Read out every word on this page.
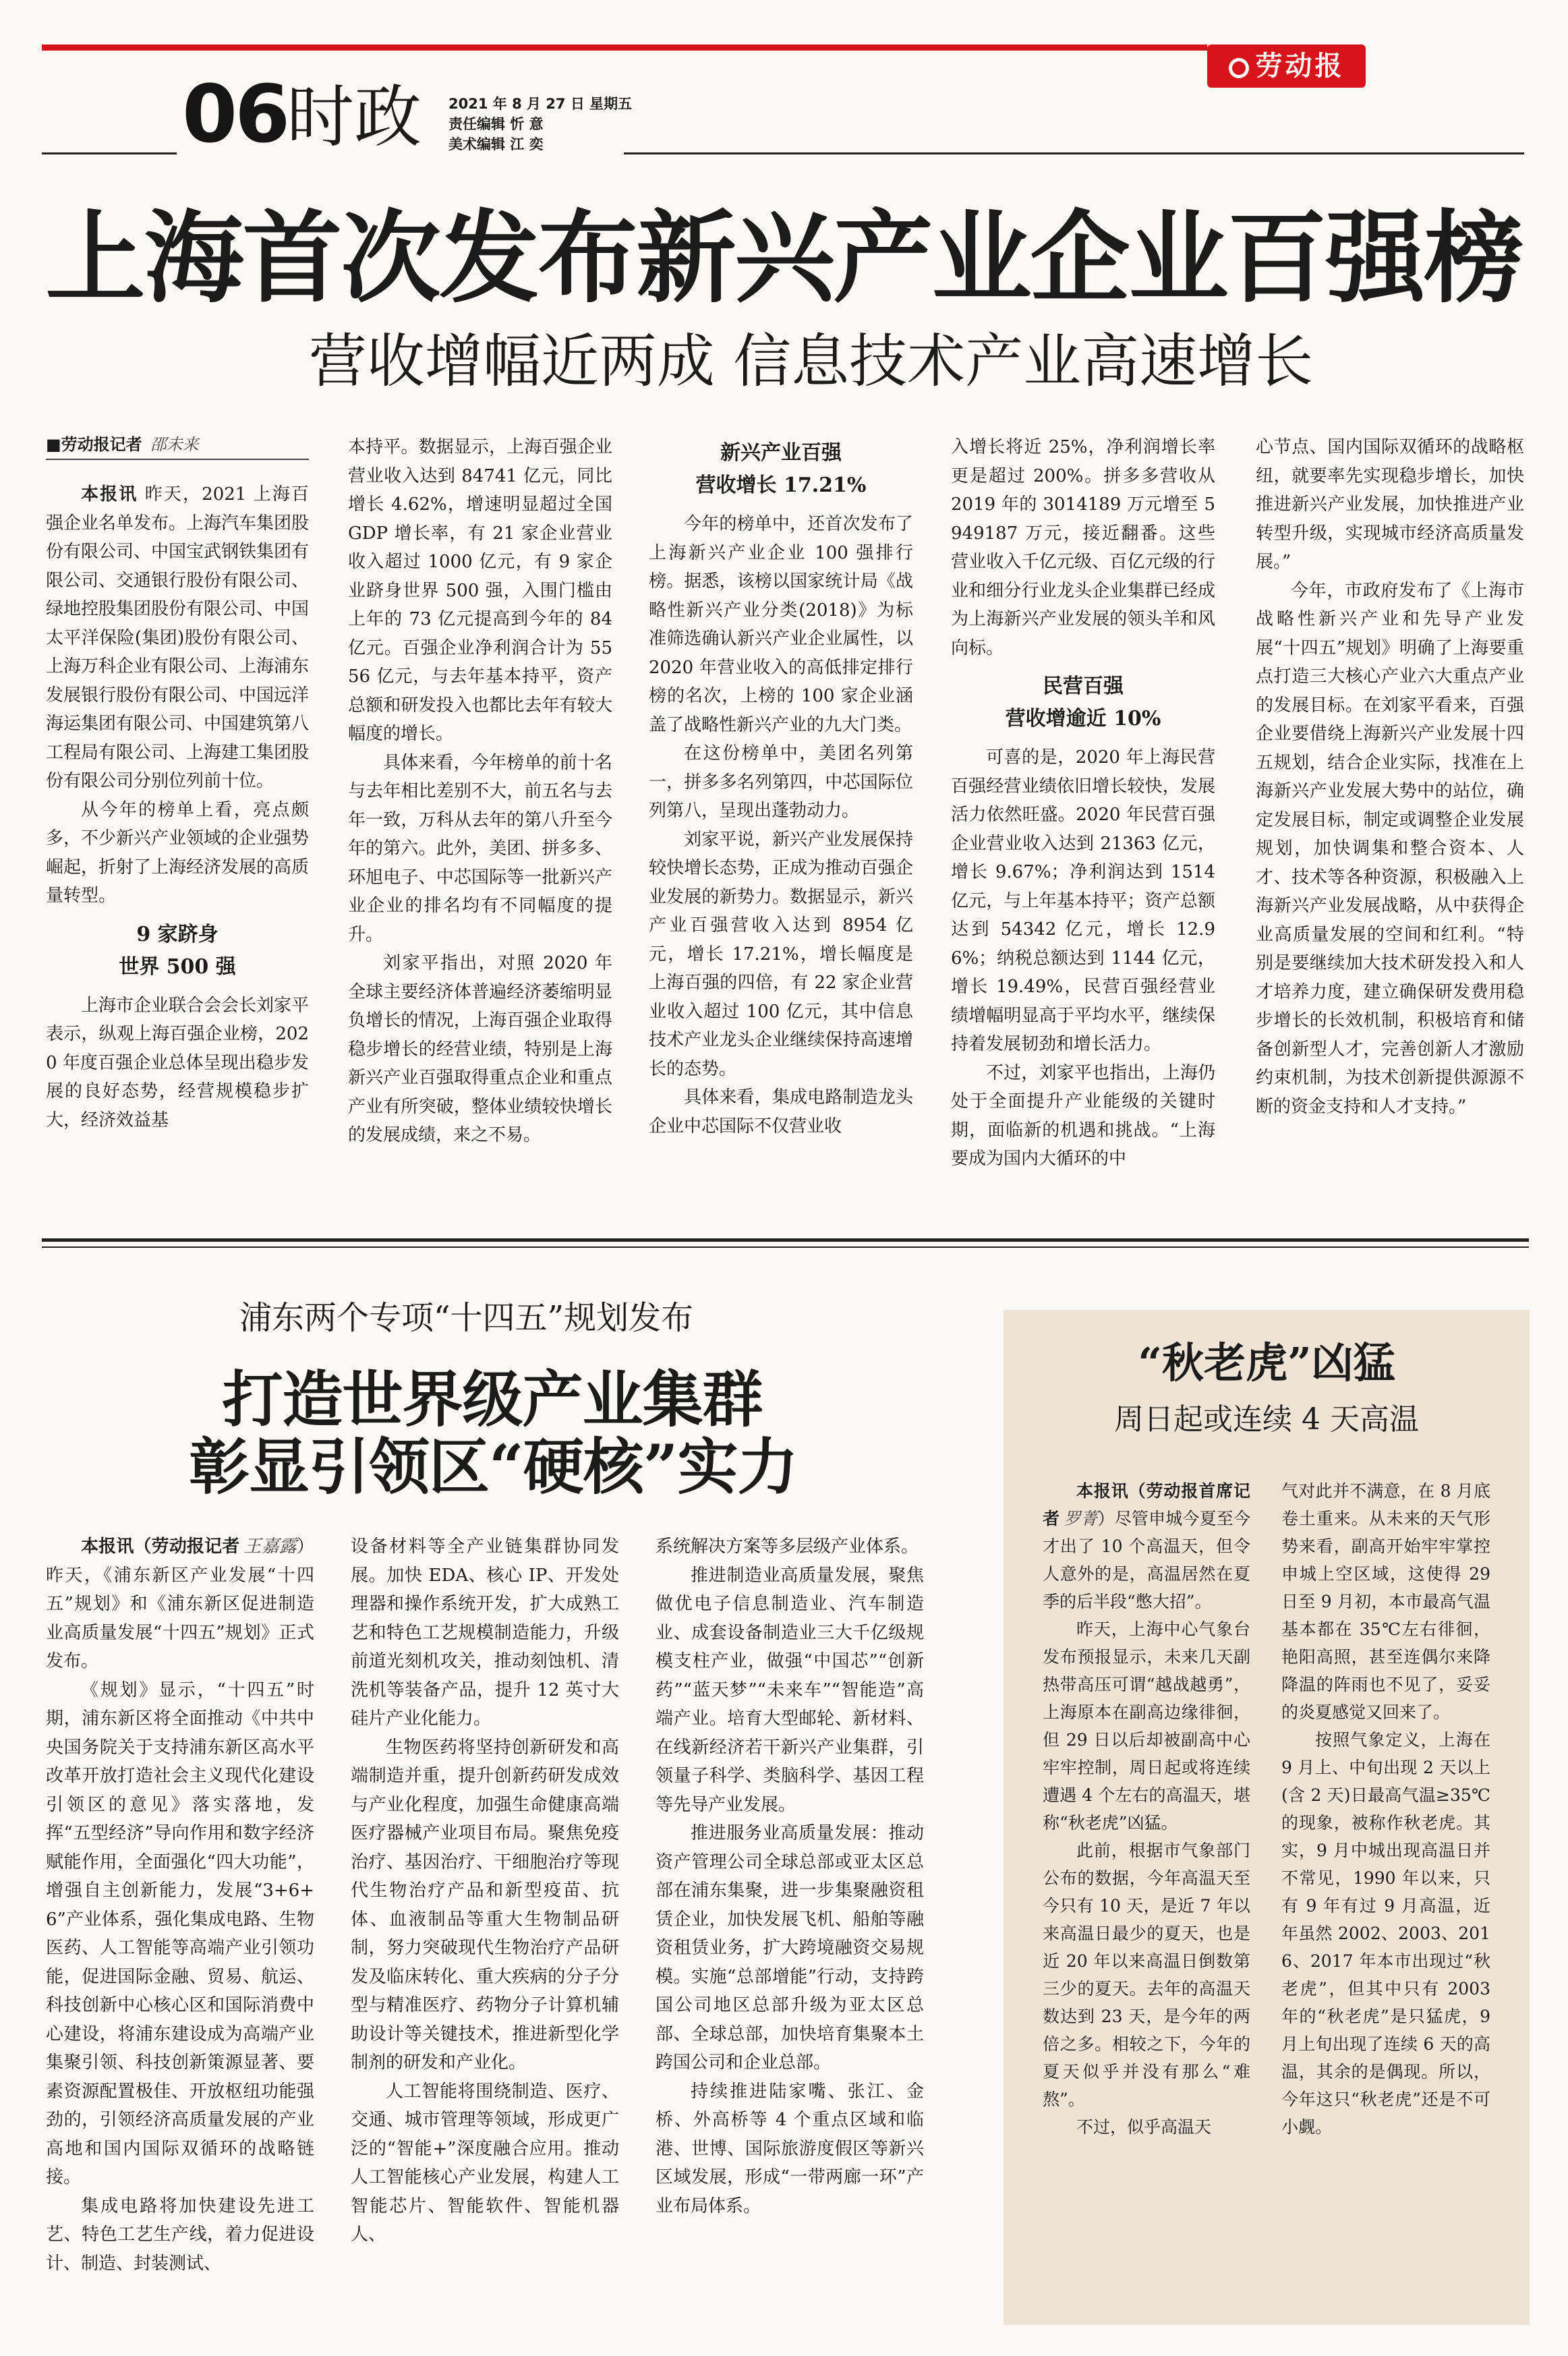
劳动报
06
时政 2021 年 8 月 27 日 星期五
责任编辑 忻 意
美术编辑 江 奕
上海首次发布新兴产业企业百强榜
营收增幅近两成 信息技术产业高速增长
■劳动报记者 邵未来

本报讯 昨天，2021 上海百强企业名单发布。上海汽车集团股份有限公司、中国宝武钢铁集团有限公司、交通银行股份有限公司、绿地控股集团股份有限公司、中国太平洋保险(集团)股份有限公司、上海万科企业有限公司、上海浦东发展银行股份有限公司、中国远洋海运集团有限公司、中国建筑第八工程局有限公司、上海建工集团股份有限公司分别位列前十位。

从今年的榜单上看，亮点颇多，不少新兴产业领域的企业强势崛起，折射了上海经济发展的高质量转型。

9 家跻身
世界 500 强

上海市企业联合会会长刘家平表示，纵观上海百强企业榜，2020 年度百强企业总体呈现出稳步发展的良好态势，经营规模稳步扩大，经济效益基

本持平。数据显示，上海百强企业营业收入达到 84741 亿元，同比增长 4.62%，增速明显超过全国 GDP 增长率，有 21 家企业营业收入超过 1000 亿元，有 9 家企业跻身世界 500 强，入围门槛由上年的 73 亿元提高到今年的 84 亿元。百强企业净利润合计为 5556 亿元，与去年基本持平，资产总额和研发投入也都比去年有较大幅度的增长。

具体来看，今年榜单的前十名与去年相比差别不大，前五名与去年一致，万科从去年的第八升至今年的第六。此外，美团、拼多多、环旭电子、中芯国际等一批新兴产业企业的排名均有不同幅度的提升。

刘家平指出，对照 2020 年全球主要经济体普遍经济萎缩明显负增长的情况，上海百强企业取得稳步增长的经营业绩，特别是上海新兴产业百强取得重点企业和重点产业有所突破，整体业绩较快增长的发展成绩，来之不易。

新兴产业百强
营收增长 17.21%

今年的榜单中，还首次发布了上海新兴产业企业 100 强排行榜。据悉，该榜以国家统计局《战略性新兴产业分类(2018)》为标准筛选确认新兴产业企业属性，以 2020 年营业收入的高低排定排行榜的名次，上榜的 100 家企业涵盖了战略性新兴产业的九大门类。

在这份榜单中，美团名列第一，拼多多名列第四，中芯国际位列第八，呈现出蓬勃动力。

刘家平说，新兴产业发展保持较快增长态势，正成为推动百强企业发展的新势力。数据显示，新兴产业百强营收入达到 8954 亿元，增长 17.21%，增长幅度是上海百强的四倍，有 22 家企业营业收入超过 100 亿元，其中信息技术产业龙头企业继续保持高速增长的态势。

具体来看，集成电路制造龙头企业中芯国际不仅营业收

入增长将近 25%，净利润增长率更是超过 200%。拼多多营收从 2019 年的 3014189 万元增至 5949187 万元，接近翻番。这些营业收入千亿元级、百亿元级的行业和细分行业龙头企业集群已经成为上海新兴产业发展的领头羊和风向标。

民营百强
营收增逾近 10%

可喜的是，2020 年上海民营百强经营业绩依旧增长较快，发展活力依然旺盛。2020 年民营百强企业营业收入达到 21363 亿元，增长 9.67%；净利润达到 1514 亿元，与上年基本持平；资产总额达到 54342 亿元，增长 12.96%；纳税总额达到 1144 亿元，增长 19.49%，民营百强经营业绩增幅明显高于平均水平，继续保持着发展韧劲和增长活力。

不过，刘家平也指出，上海仍处于全面提升产业能级的关键时期，面临新的机遇和挑战。“上海要成为国内大循环的中

心节点、国内国际双循环的战略枢纽，就要率先实现稳步增长，加快推进新兴产业发展，加快推进产业转型升级，实现城市经济高质量发展。”

今年，市政府发布了《上海市战略性新兴产业和先导产业发展“十四五”规划》明确了上海要重点打造三大核心产业六大重点产业的发展目标。在刘家平看来，百强企业要借绕上海新兴产业发展十四五规划，结合企业实际，找准在上海新兴产业发展大势中的站位，确定发展目标，制定或调整企业发展规划，加快调集和整合资本、人才、技术等各种资源，积极融入上海新兴产业发展战略，从中获得企业高质量发展的空间和红利。“特别是要继续加大技术研发投入和人才培养力度，建立确保研发费用稳步增长的长效机制，积极培育和储备创新型人才，完善创新人才激励约束机制，为技术创新提供源源不断的资金支持和人才支持。”

浦东两个专项“十四五”规划发布
打造世界级产业集群
彰显引领区“硬核”实力

本报讯（劳动报记者 王嘉露）昨天，《浦东新区产业发展“十四五”规划》和《浦东新区促进制造业高质量发展“十四五”规划》正式发布。

《规划》显示，“十四五”时期，浦东新区将全面推动《中共中央国务院关于支持浦东新区高水平改革开放打造社会主义现代化建设引领区的意见》落实落地，发挥“五型经济”导向作用和数字经济赋能作用，全面强化“四大功能”，增强自主创新能力，发展“3+6+6”产业体系，强化集成电路、生物医药、人工智能等高端产业引领功能，促进国际金融、贸易、航运、科技创新中心核心区和国际消费中心建设，将浦东建设成为高端产业集聚引领、科技创新策源显著、要素资源配置极佳、开放枢纽功能强劲的，引领经济高质量发展的产业高地和国内国际双循环的战略链接。

集成电路将加快建设先进工艺、特色工艺生产线，着力促进设计、制造、封装测试、

设备材料等全产业链集群协同发展。加快 EDA、核心 IP、开发处理器和操作系统开发，扩大成熟工艺和特色工艺规模制造能力，升级前道光刻机攻关，推动刻蚀机、清洗机等装备产品，提升 12 英寸大硅片产业化能力。

生物医药将坚持创新研发和高端制造并重，提升创新药研发成效与产业化程度，加强生命健康高端医疗器械产业项目布局。聚焦免疫治疗、基因治疗、干细胞治疗等现代生物治疗产品和新型疫苗、抗体、血液制品等重大生物制品研制，努力突破现代生物治疗产品研发及临床转化、重大疾病的分子分型与精准医疗、药物分子计算机辅助设计等关键技术，推进新型化学制剂的研发和产业化。

人工智能将围绕制造、医疗、交通、城市管理等领域，形成更广泛的“智能+”深度融合应用。推动人工智能核心产业发展，构建人工智能芯片、智能软件、智能机器人、

系统解决方案等多层级产业体系。

推进制造业高质量发展，聚焦做优电子信息制造业、汽车制造业、成套设备制造业三大千亿级规模支柱产业，做强“中国芯”“创新药”“蓝天梦”“未来车”“智能造”高端产业。培育大型邮轮、新材料、在线新经济若干新兴产业集群，引领量子科学、类脑科学、基因工程等先导产业发展。

推进服务业高质量发展：推动资产管理公司全球总部或亚太区总部在浦东集聚，进一步集聚融资租赁企业，加快发展飞机、船舶等融资租赁业务，扩大跨境融资交易规模。实施“总部增能”行动，支持跨国公司地区总部升级为亚太区总部、全球总部，加快培育集聚本土跨国公司和企业总部。

持续推进陆家嘴、张江、金桥、外高桥等 4 个重点区域和临港、世博、国际旅游度假区等新兴区域发展，形成“一带两廊一环”产业布局体系。

“秋老虎”凶猛
周日起或连续 4 天高温

本报讯（劳动报首席记者 罗菁）尽管申城今夏至今才出了 10 个高温天，但令人意外的是，高温居然在夏季的后半段“憋大招”。

昨天，上海中心气象台发布预报显示，未来几天副热带高压可谓“越战越勇”，上海原本在副高边缘徘徊，但 29 日以后却被副高中心牢牢控制，周日起或将连续遭遇 4 个左右的高温天，堪称“秋老虎”凶猛。

此前，根据市气象部门公布的数据，今年高温天至今只有 10 天，是近 7 年以来高温日最少的夏天，也是近 20 年以来高温日倒数第三少的夏天。去年的高温天数达到 23 天，是今年的两倍之多。相较之下，今年的夏天似乎并没有那么“难熬”。

不过，似乎高温天

气对此并不满意，在 8 月底卷土重来。从未来的天气形势来看，副高开始牢牢掌控申城上空区域，这使得 29 日至 9 月初，本市最高气温基本都在 35℃左右徘徊，艳阳高照，甚至连偶尔来降降温的阵雨也不见了，妥妥的炎夏感觉又回来了。

按照气象定义，上海在 9 月上、中旬出现 2 天以上(含 2 天)日最高气温≥35℃的现象，被称作秋老虎。其实，9 月中城出现高温日并不常见，1990 年以来，只有 9 年有过 9 月高温，近年虽然 2002、2003、2016、2017 年本市出现过“秋老虎”，但其中只有 2003 年的“秋老虎”是只猛虎，9 月上旬出现了连续 6 天的高温，其余的是偶现。所以，今年这只“秋老虎”还是不可小觑。
